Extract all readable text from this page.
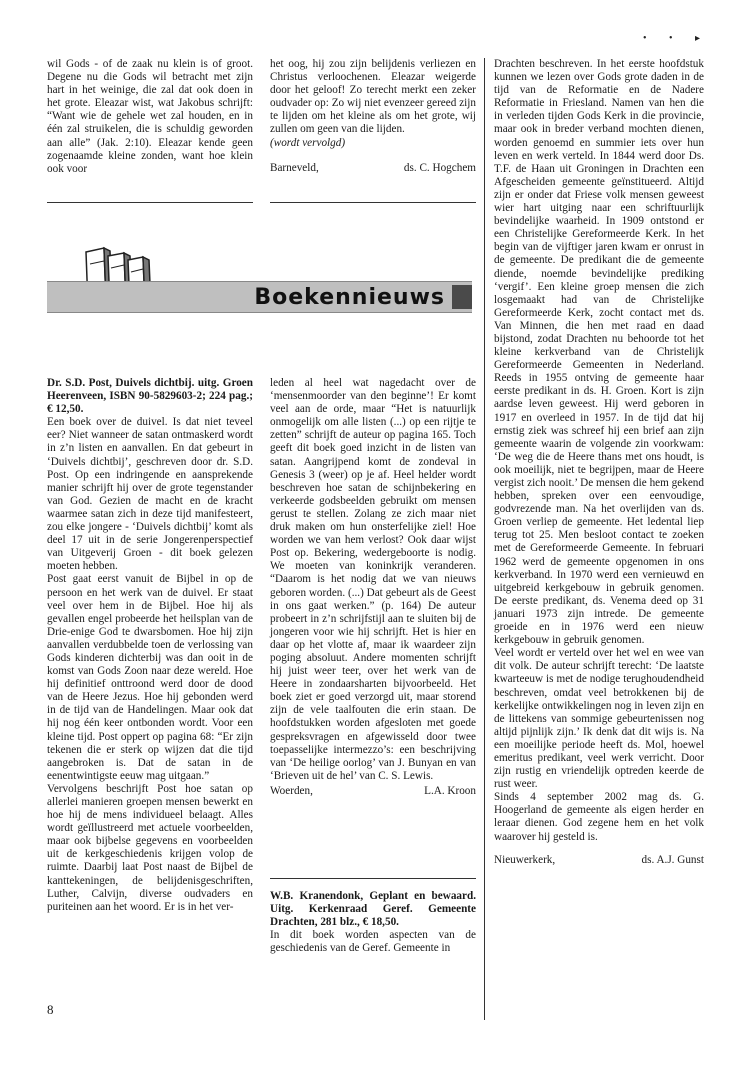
• • ▸

wil Gods - of de zaak nu klein is of groot. Degene nu die Gods wil betracht met zijn hart in het weinige, die zal dat ook doen in het grote. Eleazar wist, wat Jakobus schrijft: “Want wie de gehele wet zal houden, en in één zal struikelen, die is schuldig geworden aan alle” (Jak. 2:10). Eleazar kende geen zogenaamde kleine zonden, want hoe klein ook voor

het oog, hij zou zijn belijdenis verliezen en Christus verloochenen. Eleazar weigerde door het geloof! Zo terecht merkt een zeker oudvader op: Zo wij niet evenzeer gereed zijn te lijden om het kleine als om het grote, wij zullen om geen van die lijden.

(wordt vervolgd)

Barneveld,	ds. C. Hogchem
Boekennieuws

Dr. S.D. Post, Duivels dichtbij. uitg. Groen Heerenveen, ISBN 90-5829603-2; 224 pag.; € 12,50.

Een boek over de duivel. Is dat niet teveel eer? Niet wanneer de satan ontmaskerd wordt in z’n listen en aanvallen. En dat gebeurt in ‘Duivels dichtbij’, geschreven door dr. S.D. Post. Op een indringende en aansprekende manier schrijft hij over de grote tegenstander van God. Gezien de macht en de kracht waarmee satan zich in deze tijd manifesteert, zou elke jongere - ‘Duivels dichtbij’ komt als deel 17 uit in de serie Jongerenperspectief van Uitgeverij Groen - dit boek gelezen moeten hebben.

Post gaat eerst vanuit de Bijbel in op de persoon en het werk van de duivel. Er staat veel over hem in de Bijbel. Hoe hij als gevallen engel probeerde het heilsplan van de Drie-enige God te dwarsbomen. Hoe hij zijn aanvallen verdubbelde toen de verlossing van Gods kinderen dichterbij was dan ooit in de komst van Gods Zoon naar deze wereld. Hoe hij definitief onttroond werd door de dood van de Heere Jezus. Hoe hij gebonden werd in de tijd van de Handelingen. Maar ook dat hij nog één keer ontbonden wordt. Voor een kleine tijd. Post oppert op pagina 68: “Er zijn tekenen die er sterk op wijzen dat die tijd aangebroken is. Dat de satan in de eenentwintigste eeuw mag uitgaan.”

Vervolgens beschrijft Post hoe satan op allerlei manieren groepen mensen bewerkt en hoe hij de mens individueel belaagt. Alles wordt geïllustreerd met actuele voorbeelden, maar ook bijbelse gegevens en voorbeelden uit de kerkgeschiedenis krijgen volop de ruimte. Daarbij laat Post naast de Bijbel de kanttekeningen, de belijdenisgeschriften, Luther, Calvijn, diverse oudvaders en puriteinen aan het woord. Er is in het ver-

leden al heel wat nagedacht over de ‘mensenmoorder van den beginne’! Er komt veel aan de orde, maar “Het is natuurlijk onmogelijk om alle listen (...) op een rijtje te zetten” schrijft de auteur op pagina 165. Toch geeft dit boek goed inzicht in de listen van satan. Aangrijpend komt de zondeval in Genesis 3 (weer) op je af. Heel helder wordt beschreven hoe satan de schijnbekering en verkeerde godsbeelden gebruikt om mensen gerust te stellen. Zolang ze zich maar niet druk maken om hun onsterfelijke ziel! Hoe worden we van hem verlost? Ook daar wijst Post op. Bekering, wedergeboorte is nodig. We moeten van koninkrijk veranderen. “Daarom is het nodig dat we van nieuws geboren worden. (...) Dat gebeurt als de Geest in ons gaat werken.” (p. 164) De auteur probeert in z’n schrijfstijl aan te sluiten bij de jongeren voor wie hij schrijft. Het is hier en daar op het vlotte af, maar ik waardeer zijn poging absoluut. Andere momenten schrijft hij juist weer teer, over het werk van de Heere in zondaarsharten bijvoorbeeld. Het boek ziet er goed verzorgd uit, maar storend zijn de vele taalfouten die erin staan. De hoofdstukken worden afgesloten met goede gespreksvragen en afgewisseld door twee toepasselijke intermezzo’s: een beschrijving van ‘De heilige oorlog’ van J. Bunyan en van ‘Brieven uit de hel’ van C. S. Lewis.

Woerden,	L.A. Kroon

W.B. Kranendonk, Geplant en bewaard. Uitg. Kerkenraad Geref. Gemeente Drachten, 281 blz., € 18,50.

In dit boek worden aspecten van de geschiedenis van de Geref. Gemeente in

Drachten beschreven. In het eerste hoofdstuk kunnen we lezen over Gods grote daden in de tijd van de Reformatie en de Nadere Reformatie in Friesland. Namen van hen die in verleden tijden Gods Kerk in die provincie, maar ook in breder verband mochten dienen, worden genoemd en summier iets over hun leven en werk verteld. In 1844 werd door Ds. T.F. de Haan uit Groningen in Drachten een Afgescheiden gemeente geïnstitueerd. Altijd zijn er onder dat Friese volk mensen geweest wier hart uitging naar een schriftuurlijk bevindelijke waarheid. In 1909 ontstond er een Christelijke Gereformeerde Kerk. In het begin van de vijftiger jaren kwam er onrust in de gemeente. De predikant die de gemeente diende, noemde bevindelijke prediking ‘vergif’. Een kleine groep mensen die zich losgemaakt had van de Christelijke Gereformeerde Kerk, zocht contact met ds. Van Minnen, die hen met raad en daad bijstond, zodat Drachten nu behoorde tot het kleine kerkverband van de Christelijk Gereformeerde Gemeenten in Nederland. Reeds in 1955 ontving de gemeente haar eerste predikant in ds. H. Groen. Kort is zijn aardse leven geweest. Hij werd geboren in 1917 en overleed in 1957. In de tijd dat hij ernstig ziek was schreef hij een brief aan zijn gemeente waarin de volgende zin voorkwam: ‘De weg die de Heere thans met ons houdt, is ook moeilijk, niet te begrijpen, maar de Heere vergist zich nooit.’ De mensen die hem gekend hebben, spreken over een eenvoudige, godvrezende man. Na het overlijden van ds. Groen verliep de gemeente. Het ledental liep terug tot 25. Men besloot contact te zoeken met de Gereformeerde Gemeente. In februari 1962 werd de gemeente opgenomen in ons kerkverband. In 1970 werd een vernieuwd en uitgebreid kerkgebouw in gebruik genomen. De eerste predikant, ds. Venema deed op 31 januari 1973 zijn intrede. De gemeente groeide en in 1976 werd een nieuw kerkgebouw in gebruik genomen.

Veel wordt er verteld over het wel en wee van dit volk. De auteur schrijft terecht: ‘De laatste kwarteeuw is met de nodige terughoudendheid beschreven, omdat veel betrokkenen bij de kerkelijke ontwikkelingen nog in leven zijn en de littekens van sommige gebeurtenissen nog altijd pijnlijk zijn.’ Ik denk dat dit wijs is. Na een moeilijke periode heeft ds. Mol, hoewel emeritus predikant, veel werk verricht. Door zijn rustig en vriendelijk optreden keerde de rust weer.

Sinds 4 september 2002 mag ds. G. Hoogerland de gemeente als eigen herder en leraar dienen. God zegene hem en het volk waarover hij gesteld is.

Nieuwerkerk,	ds. A.J. Gunst
8
